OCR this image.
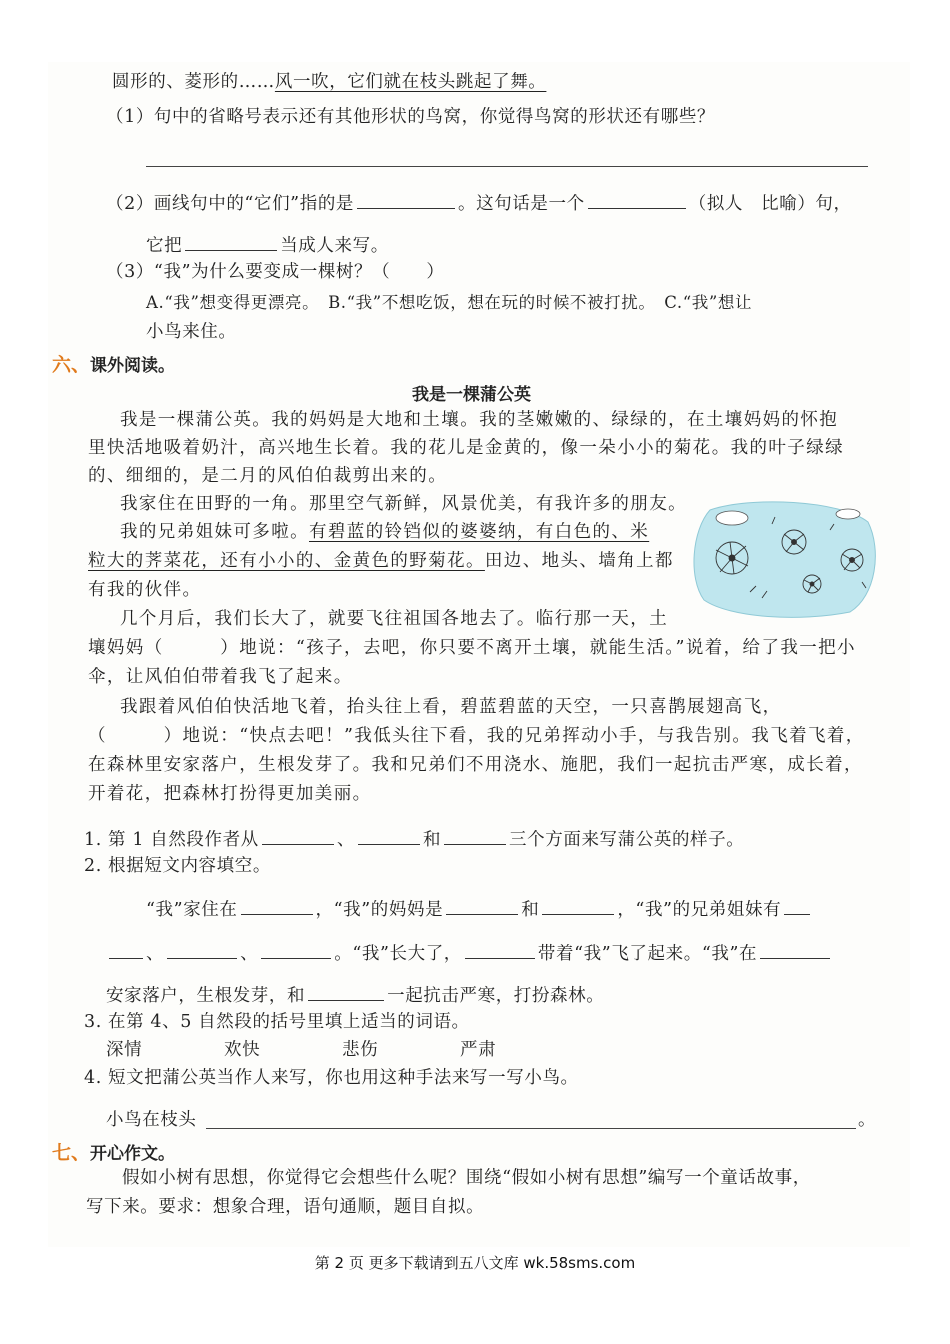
圆形的、菱形的……风一吹，它们就在枝头跳起了舞。
（1）句中的省略号表示还有其他形状的鸟窝，你觉得鸟窝的形状还有哪些？
（2）画线句中的“它们”指的是	。这句话是一个	（拟人　比喻）句，
它把	当成人来写。
（3）“我”为什么要变成一棵树？（　　）
A.“我”想变得更漂亮。　B.“我”不想吃饭，想在玩的时候不被打扰。　C.“我”想让
小鸟来住。
六、课外阅读。
我是一棵蒲公英
我是一棵蒲公英。我的妈妈是大地和土壤。我的茎嫩嫩的、绿绿的，在土壤妈妈的怀抱
里快活地吸着奶汁，高兴地生长着。我的花儿是金黄的，像一朵小小的菊花。我的叶子绿绿
的、细细的，是二月的风伯伯裁剪出来的。
我家住在田野的一角。那里空气新鲜，风景优美，有我许多的朋友。
我的兄弟姐妹可多啦。有碧蓝的铃铛似的婆婆纳，有白色的、米
粒大的荠菜花，还有小小的、金黄色的野菊花。田边、地头、墙角上都
有我的伙伴。
几个月后，我们长大了，就要飞往祖国各地去了。临行那一天，土
壤妈妈（　　　）地说：“孩子，去吧，你只要不离开土壤，就能生活。”说着，给了我一把小
伞，让风伯伯带着我飞了起来。
我跟着风伯伯快活地飞着，抬头往上看，碧蓝碧蓝的天空，一只喜鹊展翅高飞，
（　　　）地说：“快点去吧！”我低头往下看，我的兄弟挥动小手，与我告别。我飞着飞着，
在森林里安家落户，生根发芽了。我和兄弟们不用浇水、施肥，我们一起抗击严寒，成长着，
开着花，把森林打扮得更加美丽。
1. 第 1 自然段作者从	、	和	三个方面来写蒲公英的样子。
2. 根据短文内容填空。
“我”家住在	，“我”的妈妈是	和	，“我”的兄弟姐妹有
、	、	。“我”长大了，	带着“我”飞了起来。“我”在
安家落户，生根发芽，和	一起抗击严寒，打扮森林。
3. 在第 4、5 自然段的括号里填上适当的词语。
深情	欢快	悲伤	严肃
4. 短文把蒲公英当作人来写，你也用这种手法来写一写小鸟。
小鸟在枝头	。
七、开心作文。
假如小树有思想，你觉得它会想些什么呢？围绕“假如小树有思想”编写一个童话故事，
写下来。要求：想象合理，语句通顺，题目自拟。
第 2 页 更多下载请到五八文库 wk.58sms.com
